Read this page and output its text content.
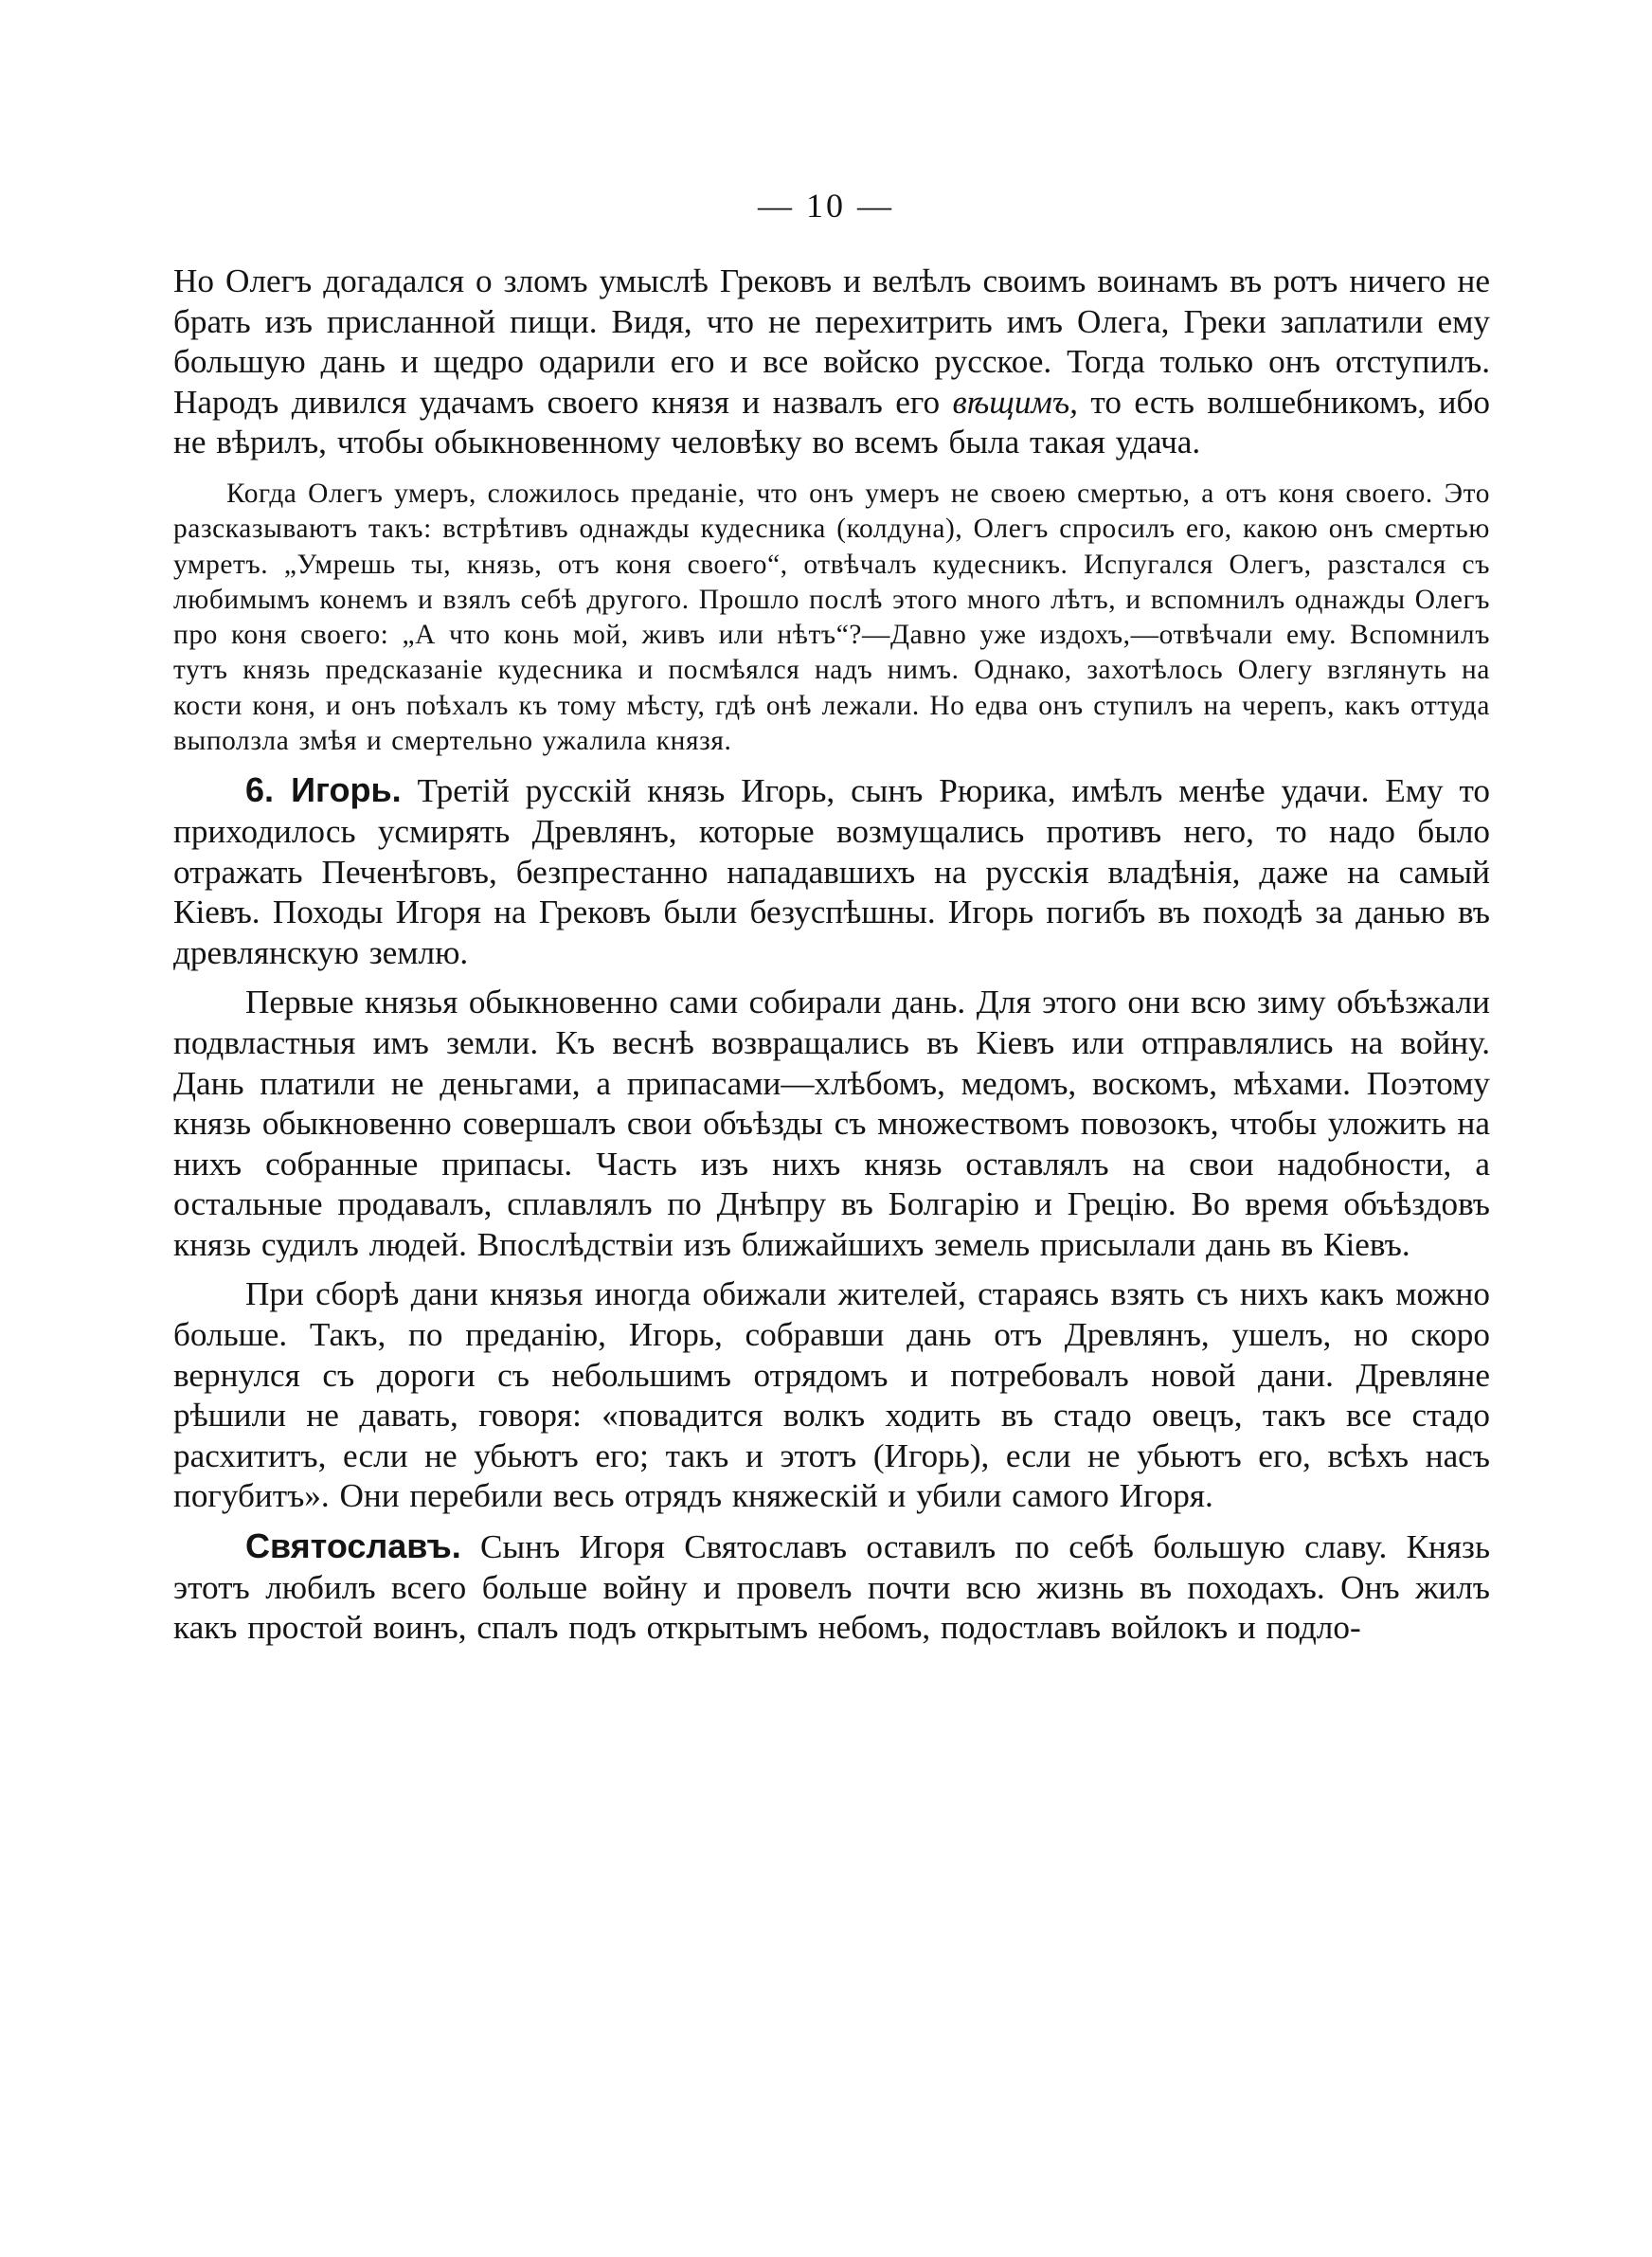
— 10 —

Но Олегъ догадался о зломъ умыслѣ Грековъ и велѣлъ своимъ воинамъ въ ротъ ничего не брать изъ присланной пищи. Видя, что не перехитрить имъ Олега, Греки заплатили ему большую дань и щедро одарили его и все войско русское. Тогда только онъ отступилъ. Народъ дивился удачамъ своего князя и назвалъ его вѣщимъ, то есть волшебникомъ, ибо не вѣрилъ, чтобы обыкновенному человѣку во всемъ была такая удача.

Когда Олегъ умеръ, сложилось преданіе, что онъ умеръ не своею смертью, а отъ коня своего. Это разсказываютъ такъ: встрѣтивъ однажды кудесника (колдуна), Олегъ спросилъ его, какою онъ смертью умретъ. „Умрешь ты, князь, отъ коня своего“, отвѣчалъ кудесникъ. Испугался Олегъ, разстался съ любимымъ конемъ и взялъ себѣ другого. Прошло послѣ этого много лѣтъ, и вспомнилъ однажды Олегъ про коня своего: „А что конь мой, живъ или нѣтъ“?—Давно уже издохъ,—отвѣчали ему. Вспомнилъ тутъ князь предсказаніе кудесника и посмѣялся надъ нимъ. Однако, захотѣлось Олегу взглянуть на кости коня, и онъ поѣхалъ къ тому мѣсту, гдѣ онѣ лежали. Но едва онъ ступилъ на черепъ, какъ оттуда выползла змѣя и смертельно ужалила князя.

6. Игорь. Третій русскій князь Игорь, сынъ Рюрика, имѣлъ менѣе удачи. Ему то приходилось усмирять Древлянъ, которые возмущались противъ него, то надо было отражать Печенѣговъ, безпрестанно нападавшихъ на русскія владѣнія, даже на самый Кіевъ. Походы Игоря на Грековъ были безуспѣшны. Игорь погибъ въ походѣ за данью въ древлянскую землю.

Первые князья обыкновенно сами собирали дань. Для этого они всю зиму объѣзжали подвластныя имъ земли. Къ веснѣ возвращались въ Кіевъ или отправлялись на войну. Дань платили не деньгами, а припасами—хлѣбомъ, медомъ, воскомъ, мѣхами. Поэтому князь обыкновенно совершалъ свои объѣзды съ множествомъ повозокъ, чтобы уложить на нихъ собранные припасы. Часть изъ нихъ князь оставлялъ на свои надобности, а остальные продавалъ, сплавлялъ по Днѣпру въ Болгарію и Грецію. Во время объѣздовъ князь судилъ людей. Впослѣдствіи изъ ближайшихъ земель присылали дань въ Кіевъ.

При сборѣ дани князья иногда обижали жителей, стараясь взять съ нихъ какъ можно больше. Такъ, по преданію, Игорь, собравши дань отъ Древлянъ, ушелъ, но скоро вернулся съ дороги съ небольшимъ отрядомъ и потребовалъ новой дани. Древляне рѣшили не давать, говоря: «повадится волкъ ходить въ стадо овецъ, такъ все стадо расхититъ, если не убьютъ его; такъ и этотъ (Игорь), если не убьютъ его, всѣхъ насъ погубитъ». Они перебили весь отрядъ княжескій и убили самого Игоря.

Святославъ. Сынъ Игоря Святославъ оставилъ по себѣ большую славу. Князь этотъ любилъ всего больше войну и провелъ почти всю жизнь въ походахъ. Онъ жилъ какъ простой воинъ, спалъ подъ открытымъ небомъ, подостлавъ войлокъ и подло-
